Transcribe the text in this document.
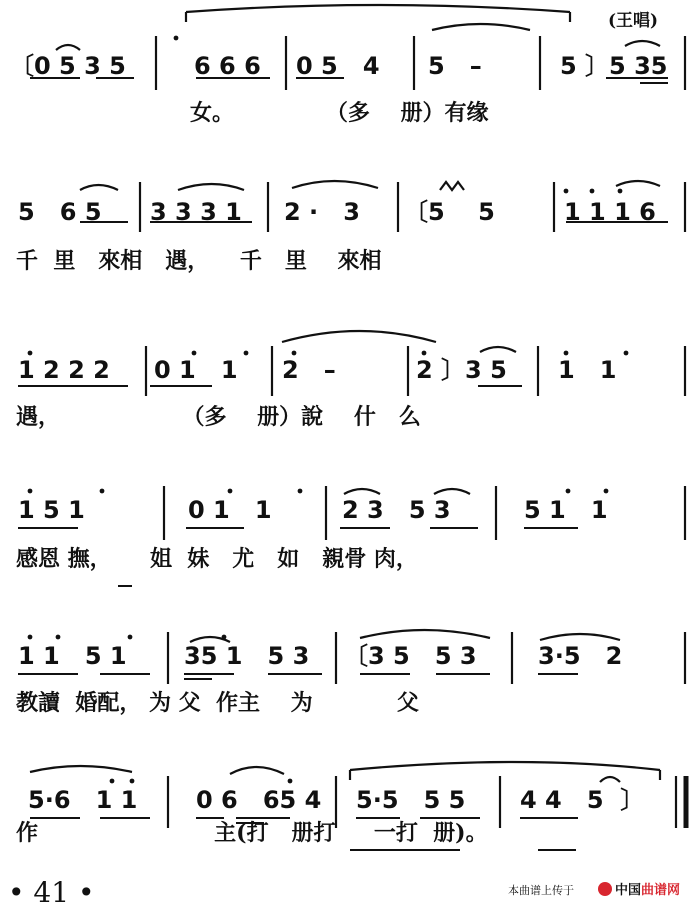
(王唱)
〔0 5 3 5	6 6 6 0 5   4 5   –	5 〕5 35
女。            （多    册）有缘
5   6 5 3 3 3 1 2 ·   3 〔5    5	1 1 1 6
千  里   來相   遇，    千   里    來相
1 2 2 2 0 1   1 2   –	2 〕3 5 1   1
遇，                （多    册）說    什   么
1 5 1	0 1   1	2 3   5 3	5 1   1
感恩 撫，     姐  妹   尤   如   親骨 肉，
1 1   5 1 35 1   5 3 〔3 5   5 3	3·5   2
教讀  婚配， 为 父  作主    为           父
5·6   1 1 0 6   65 4 5·5   5 5 4 4   5  〕
作                       主(打   册打     一打  册)。
• 41 •	本曲谱上传于	中国曲谱网
